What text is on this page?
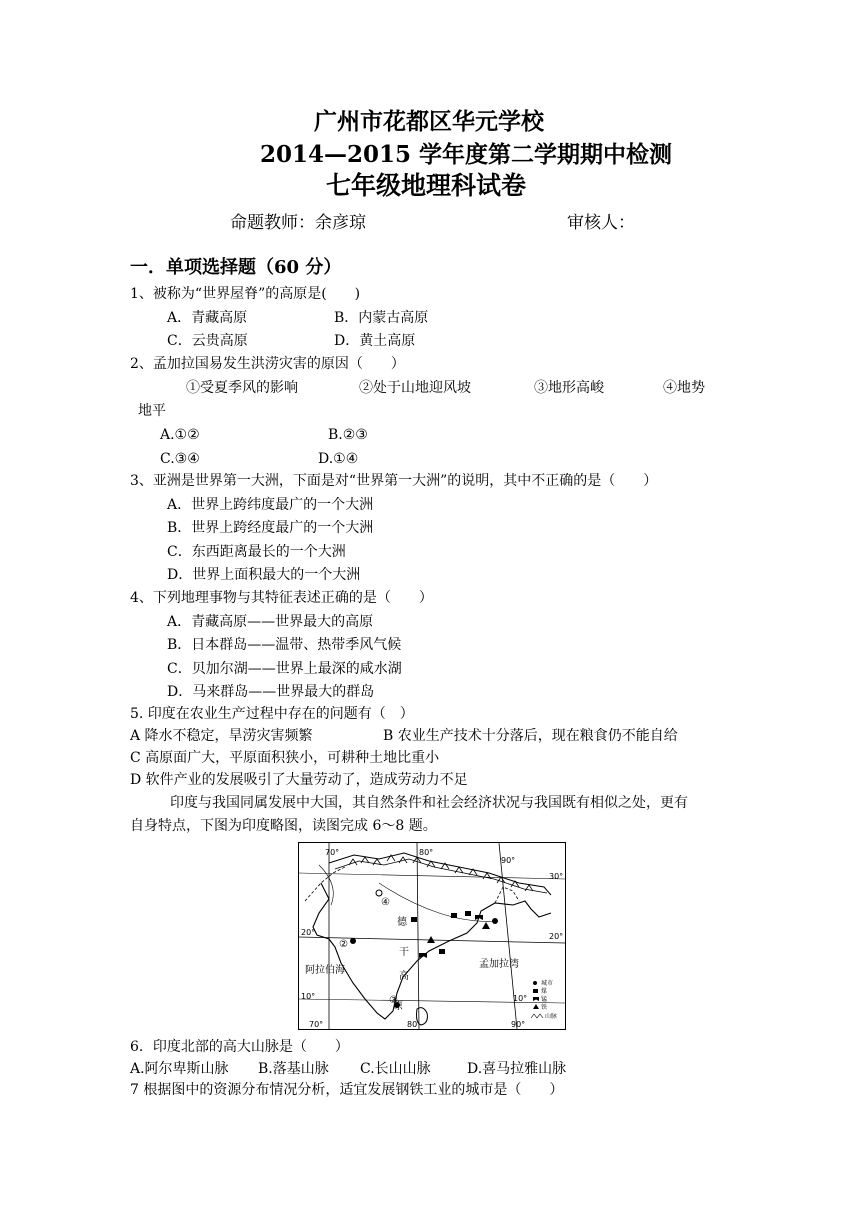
广州市花都区华元学校
2014—2015 学年度第二学期期中检测
七年级地理科试卷
命题教师：余彦琼	审核人：
一．单项选择题（60 分）
1、被称为“世界屋脊”的高原是(　　)
A．青藏高原	B．内蒙古高原
C．云贵高原	D．黄土高原
2、孟加拉国易发生洪涝灾害的原因（　　）
①受夏季风的影响	②处于山地迎风坡	③地形高峻	④地势
地平
A.①②	B.②③
C.③④	D.①④
3、亚洲是世界第一大洲，下面是对“世界第一大洲”的说明，其中不正确的是（　　）
A．世界上跨纬度最广的一个大洲
B．世界上跨经度最广的一个大洲
C．东西距离最长的一个大洲
D．世界上面积最大的一个大洲
4、下列地理事物与其特征表述正确的是（　　）
A．青藏高原——世界最大的高原
B．日本群岛——温带、热带季风气候
C．贝加尔湖——世界上最深的咸水湖
D．马来群岛——世界最大的群岛
5. 印度在农业生产过程中存在的问题有（　）
A 降水不稳定，旱涝灾害频繁	B 农业生产技术十分落后，现在粮食仍不能自给
C 高原面广大，平原面积狭小，可耕种土地比重小
D 软件产业的发展吸引了大量劳动了，造成劳动力不足
印度与我国同属发展中大国，其自然条件和社会经济状况与我国既有相似之处，更有
自身特点，下图为印度略图，读图完成 6～8 题。
70°	80°
90°
80
70°	90°
30°
20°
10°
20°
10°
德
干
高
原
阿拉伯海
孟加拉湾
④
②
③
城市
煤
锰
铁
山脉
6．印度北部的高大山脉是（　　）
A.阿尔卑斯山脉 B.落基山脉 C.长山山脉	D.喜马拉雅山脉
7 根据图中的资源分布情况分析，适宜发展钢铁工业的城市是（　　）
